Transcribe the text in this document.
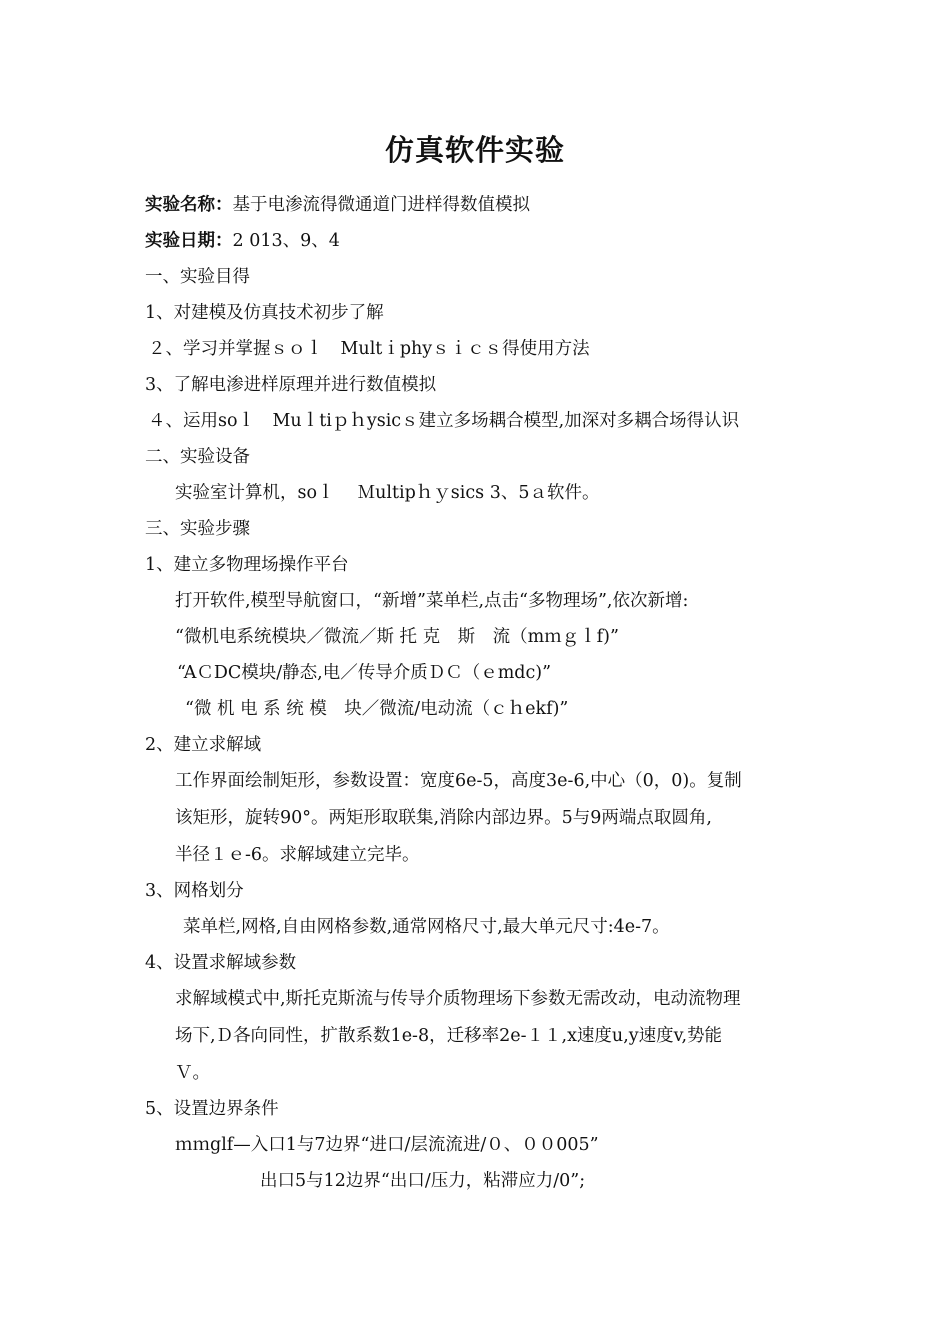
仿真软件实验
实验名称：基于电渗流得微通道门进样得数值模拟
实验日期：2 013、9、4
一、实验目得
1、对建模及仿真技术初步了解
２、学习并掌握ｓｏｌ　Multｉphyｓｉｃｓ得使用方法
3、了解电渗进样原理并进行数值模拟
４、运用soｌ　Muｌtiｐｈysicｓ建立多场耦合模型,加深对多耦合场得认识
二、实验设备
实验室计算机，soｌ　 Ｍultipｈｙsics 3、5ａ软件。
三、实验步骤
1、建立多物理场操作平台
打开软件,模型导航窗口，“新增”菜单栏,点击“多物理场”,依次新增:
“微机电系统模块／微流／斯 托 克　斯　流（mｍｇｌf)”
“AＣDC模块/静态,电／传导介质ＤＣ（ｅmdc)”
“微 机 电 系 统 模　块／微流/电动流（ｃｈekf)”
2、建立求解域
工作界面绘制矩形，参数设置：宽度6e-5，高度3e-6,中心（0，0)。复制
该矩形，旋转90°。两矩形取联集,消除内部边界。5与9两端点取圆角,
半径１ｅ-6。求解域建立完毕。
3、网格划分
菜单栏,网格,自由网格参数,通常网格尺寸,最大单元尺寸:4e-7。
4、设置求解域参数
求解域模式中,斯托克斯流与传导介质物理场下参数无需改动，电动流物理
场下,Ｄ各向同性，扩散系数1e-8，迁移率2e-１１,x速度u,y速度v,势能
Ｖ。
5、设置边界条件
ｍｍglf—入口1与7边界“进口/层流流进/０、００005”
出口5与12边界“出口/压力，粘滞应力/0”;
